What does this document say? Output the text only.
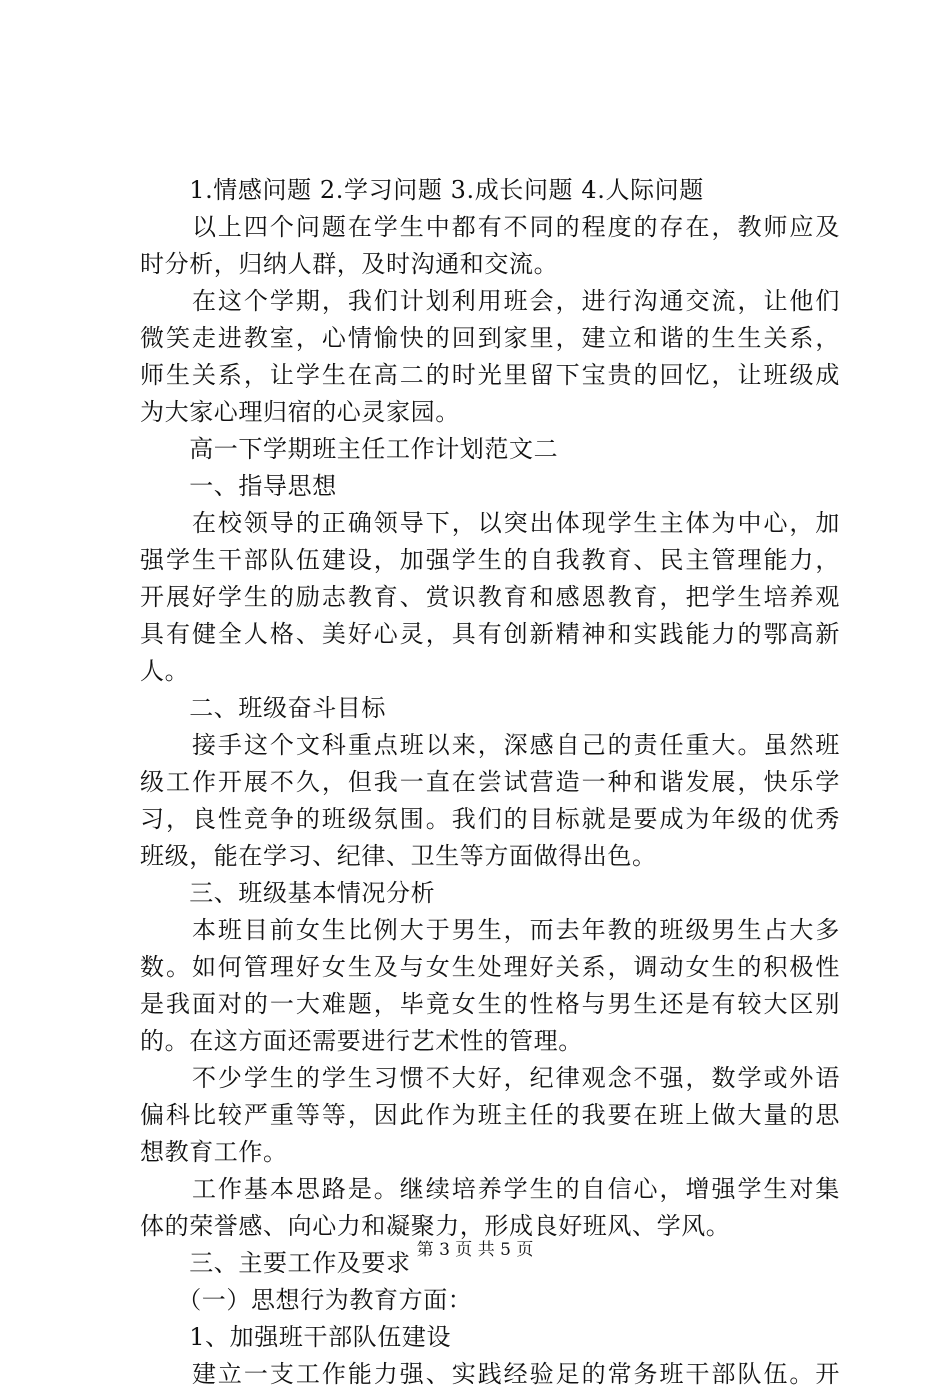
　　1.情感问题 2.学习问题 3.成长问题 4.人际问题
　　以上四个问题在学生中都有不同的程度的存在，教师应及
时分析，归纳人群，及时沟通和交流。
　　在这个学期，我们计划利用班会，进行沟通交流，让他们
微笑走进教室，心情愉快的回到家里，建立和谐的生生关系，
师生关系，让学生在高二的时光里留下宝贵的回忆，让班级成
为大家心理归宿的心灵家园。
　　高一下学期班主任工作计划范文二
　　一、指导思想
　　在校领导的正确领导下，以突出体现学生主体为中心，加
强学生干部队伍建设，加强学生的自我教育、民主管理能力，
开展好学生的励志教育、赏识教育和感恩教育，把学生培养观
具有健全人格、美好心灵，具有创新精神和实践能力的鄂高新
人。
　　二、班级奋斗目标
　　接手这个文科重点班以来，深感自己的责任重大。虽然班
级工作开展不久，但我一直在尝试营造一种和谐发展，快乐学
习，良性竞争的班级氛围。我们的目标就是要成为年级的优秀
班级，能在学习、纪律、卫生等方面做得出色。
　　三、班级基本情况分析
　　本班目前女生比例大于男生，而去年教的班级男生占大多
数。如何管理好女生及与女生处理好关系，调动女生的积极性
是我面对的一大难题，毕竟女生的性格与男生还是有较大区别
的。在这方面还需要进行艺术性的管理。
　　不少学生的学生习惯不大好，纪律观念不强，数学或外语
偏科比较严重等等，因此作为班主任的我要在班上做大量的思
想教育工作。
　　工作基本思路是。继续培养学生的自信心，增强学生对集
体的荣誉感、向心力和凝聚力，形成良好班风、学风。
　　三、主要工作及要求
　　（一）思想行为教育方面：
　　1、加强班干部队伍建设
　　建立一支工作能力强、实践经验足的常务班干部队伍。开
第 3 页 共 5 页
